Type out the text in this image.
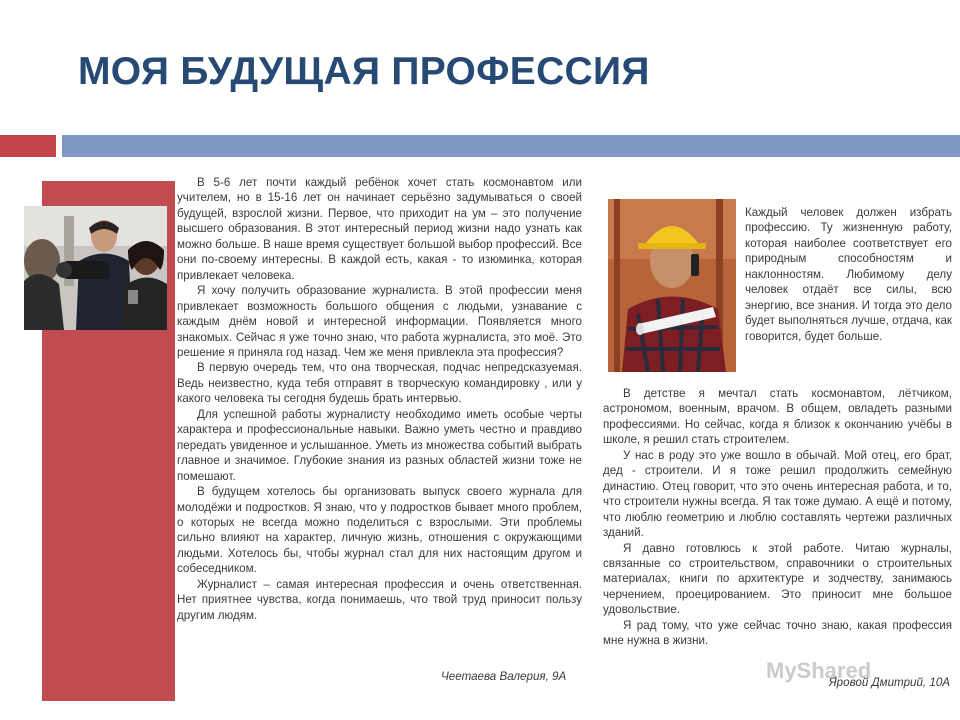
МОЯ БУДУЩАЯ ПРОФЕССИЯ

В 5-6 лет почти каждый ребёнок хочет стать космонавтом или учителем, но в 15-16 лет он начинает серьёзно задумываться о своей будущей, взрослой жизни. Первое, что приходит на ум – это получение высшего образования. В этот интересный период жизни надо узнать как можно больше. В наше время существует большой выбор профессий. Все они по-своему интересны. В каждой есть, какая - то изюминка, которая привлекает человека.

Я хочу получить образование журналиста. В этой профессии меня привлекает возможность большого общения с людьми, узнавание с каждым днём новой и интересной информации. Появляется много знакомых. Сейчас я уже точно знаю, что работа журналиста, это моё. Это решение я приняла год назад. Чем же меня привлекла эта профессия?

В первую очередь тем, что она творческая, подчас непредсказуемая. Ведь неизвестно, куда тебя отправят в творческую командировку , или у какого человека ты сегодня будешь брать интервью.

Для успешной работы журналисту необходимо иметь особые черты характера и профессиональные навыки. Важно уметь честно и правдиво передать увиденное и услышанное. Уметь из множества событий выбрать главное и значимое. Глубокие знания из разных областей жизни тоже не помешают.

В будущем хотелось бы организовать выпуск своего журнала для молодёжи и подростков. Я знаю, что у подростков бывает много проблем, о которых не всегда можно поделиться с взрослыми. Эти проблемы сильно влияют на характер, личную жизнь, отношения с окружающими людьми. Хотелось бы, чтобы журнал стал для них настоящим другом и собеседником.

Журналист – самая интересная профессия и очень ответственная. Нет приятнее чувства, когда понимаешь, что твой труд приносит пользу другим людям.

Чеетаева Валерия, 9А
Каждый человек должен избрать профессию. Ту жизненную работу, которая наиболее соответствует его природным способностям и наклонностям. Любимому делу человек отдаёт все силы, всю энергию, все знания. И тогда это дело будет выполняться лучше, отдача, как говорится, будет больше.

В детстве я мечтал стать космонавтом, лётчиком, астрономом, военным, врачом. В общем, овладеть разными профессиями. Но сейчас, когда я близок к окончанию учёбы в школе, я решил стать строителем.

У нас в роду это уже вошло в обычай. Мой отец, его брат, дед - строители. И я тоже решил продолжить семейную династию. Отец говорит, что это очень интересная работа, и то, что строители нужны всегда. Я так тоже думаю. А ещё и потому, что люблю геометрию и люблю составлять чертежи различных зданий.

Я давно готовлюсь к этой работе. Читаю журналы, связанные со строительством, справочники о строительных материалах, книги по архитектуре и зодчеству, занимаюсь черчением, проецированием. Это приносит мне большое удовольствие.

Я рад тому, что уже сейчас точно знаю, какая профессия мне нужна в жизни.

MyShared
Яровой Дмитрий, 10А
